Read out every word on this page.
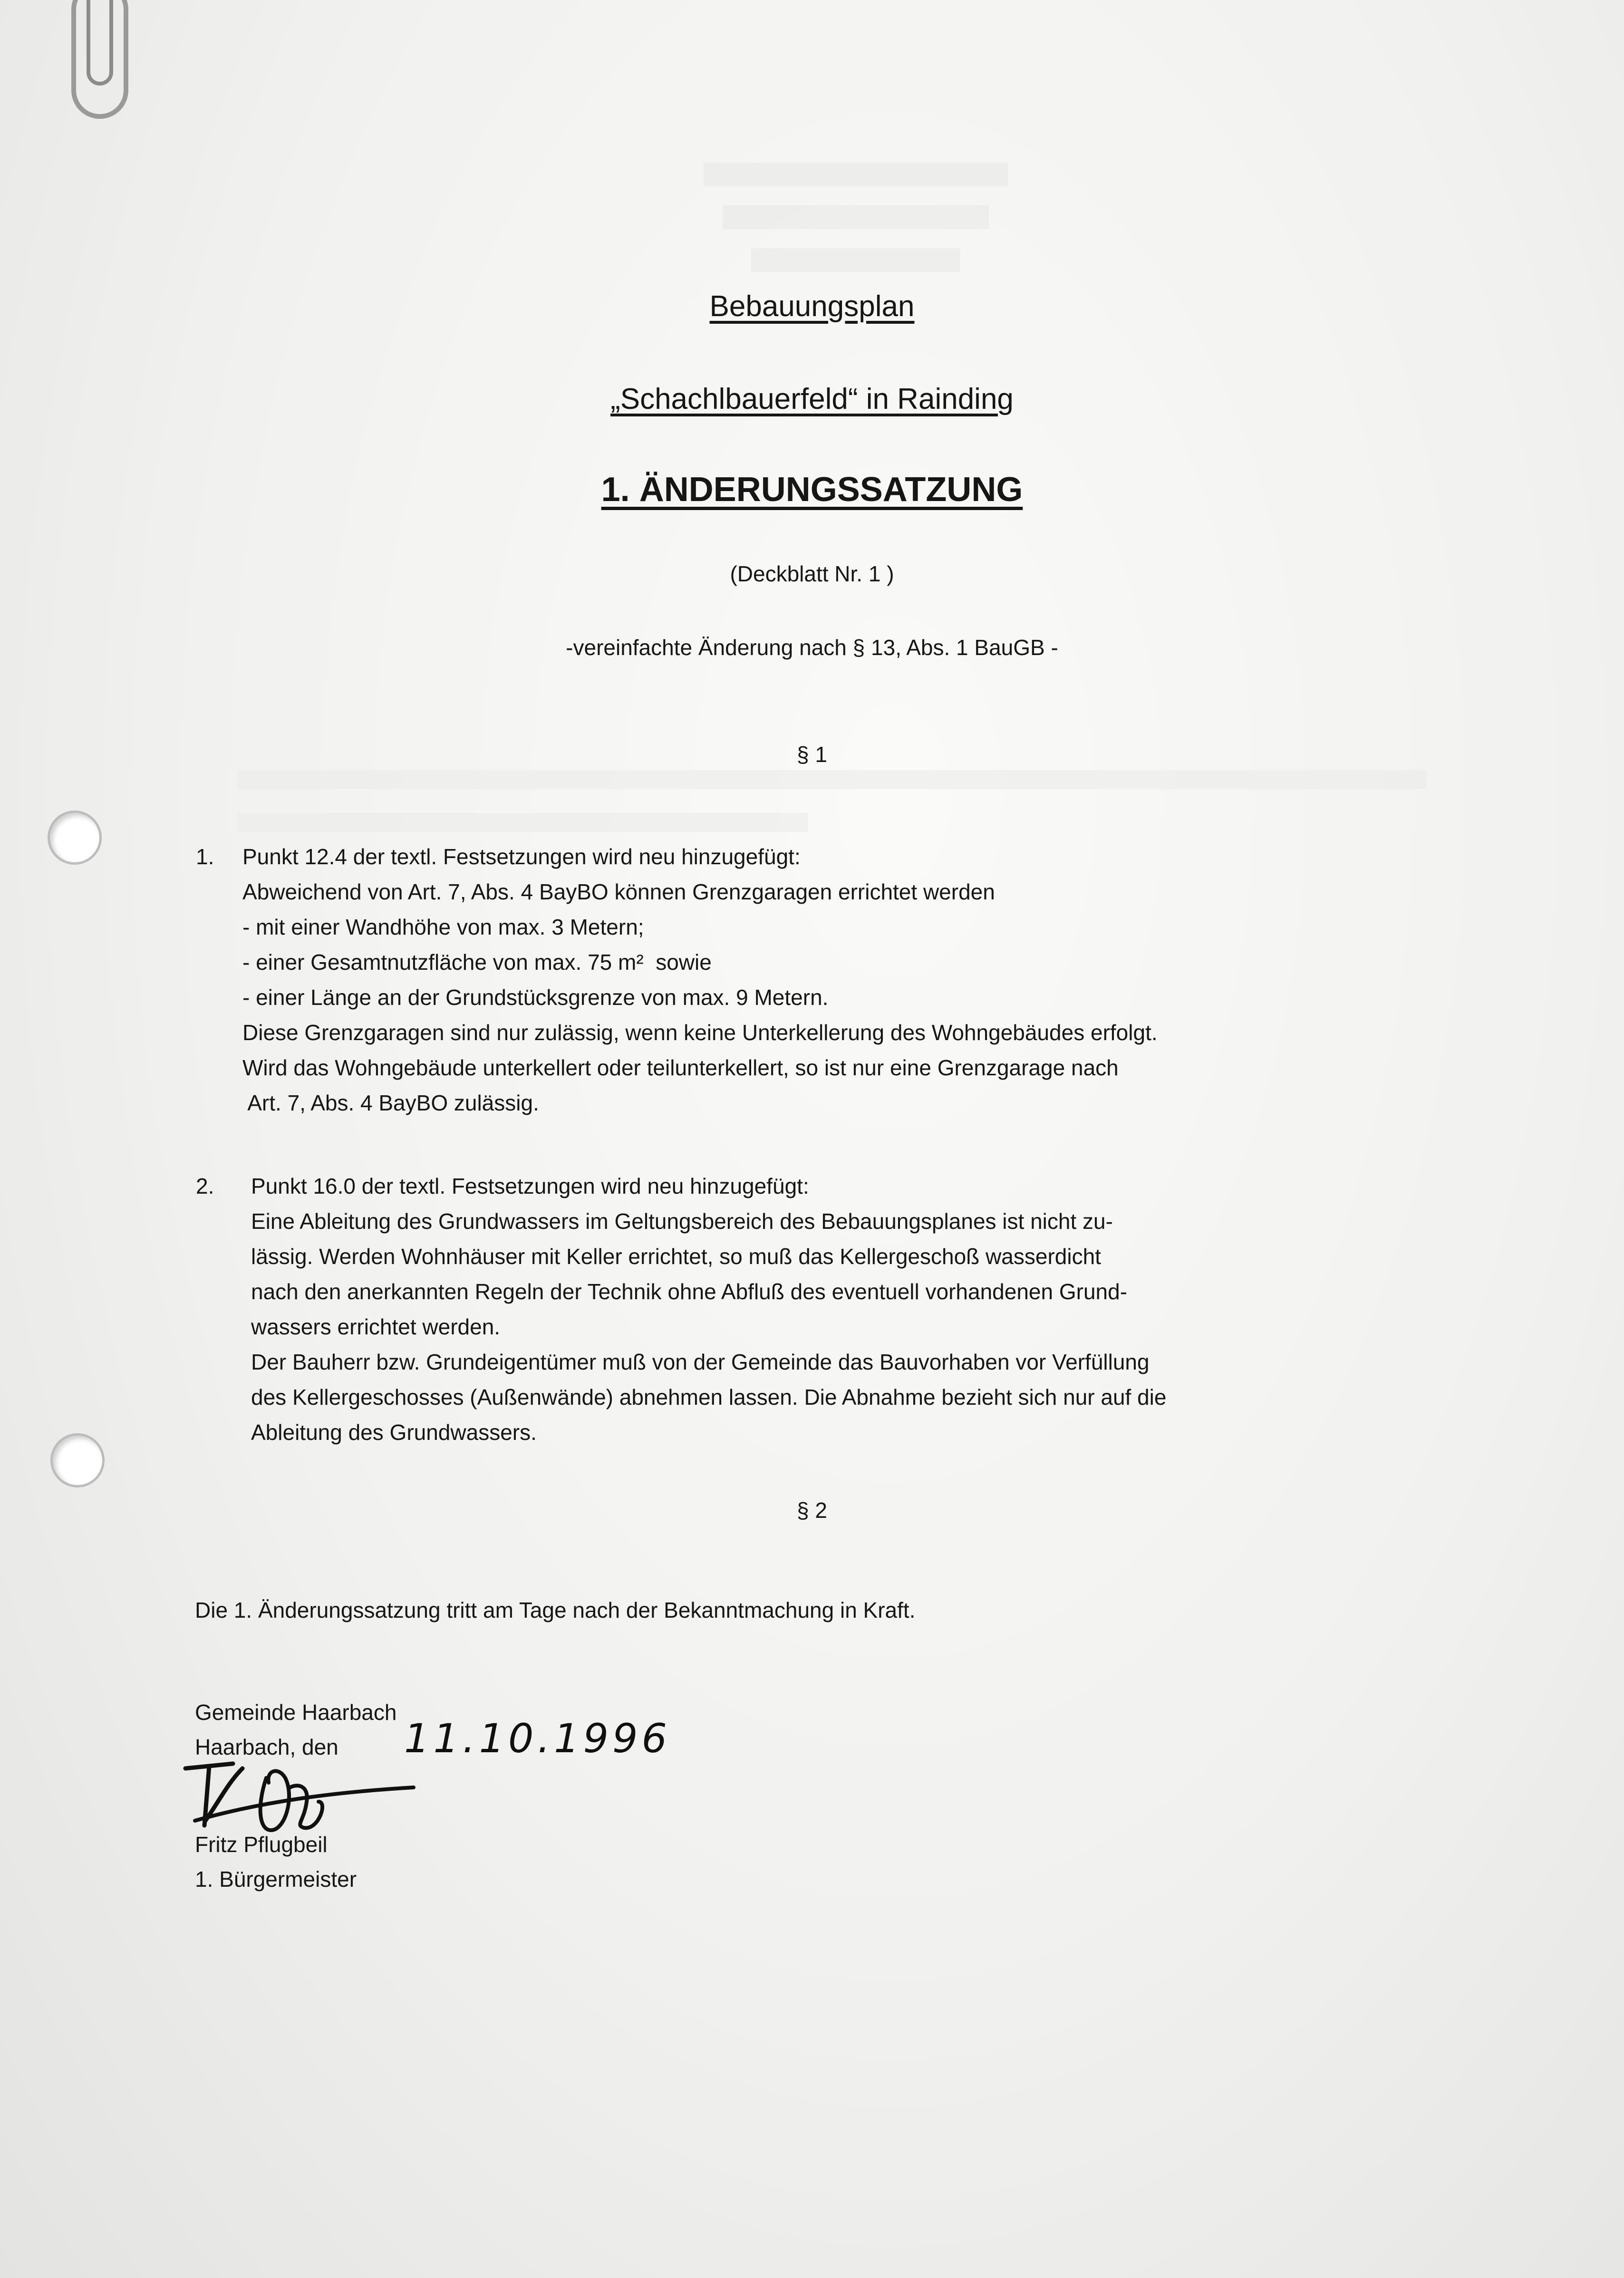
Bebauungsplan
„Schachlbauerfeld“ in Rainding
1. ÄNDERUNGSSATZUNG
(Deckblatt Nr. 1 )
-vereinfachte Änderung nach § 13, Abs. 1 BauGB -
§ 1
1. Punkt 12.4 der textl. Festsetzungen wird neu hinzugefügt:
Abweichend von Art. 7, Abs. 4 BayBO können Grenzgaragen errichtet werden
- mit einer Wandhöhe von max. 3 Metern;
- einer Gesamtnutzfläche von max. 75 m²  sowie
- einer Länge an der Grundstücksgrenze von max. 9 Metern.
Diese Grenzgaragen sind nur zulässig, wenn keine Unterkellerung des Wohngebäudes erfolgt.
Wird das Wohngebäude unterkellert oder teilunterkellert, so ist nur eine Grenzgarage nach
Art. 7, Abs. 4 BayBO zulässig.
2. Punkt 16.0 der textl. Festsetzungen wird neu hinzugefügt:
Eine Ableitung des Grundwassers im Geltungsbereich des Bebauungsplanes ist nicht zu-
lässig. Werden Wohnhäuser mit Keller errichtet, so muß das Kellergeschoß wasserdicht
nach den anerkannten Regeln der Technik ohne Abfluß des eventuell vorhandenen Grund-
wassers errichtet werden.
Der Bauherr bzw. Grundeigentümer muß von der Gemeinde das Bauvorhaben vor Verfüllung
des Kellergeschosses (Außenwände) abnehmen lassen. Die Abnahme bezieht sich nur auf die
Ableitung des Grundwassers.
§ 2
Die 1. Änderungssatzung tritt am Tage nach der Bekanntmachung in Kraft.
Gemeinde Haarbach
Haarbach, den 11.10.1996
Fritz Pflugbeil
1. Bürgermeister
